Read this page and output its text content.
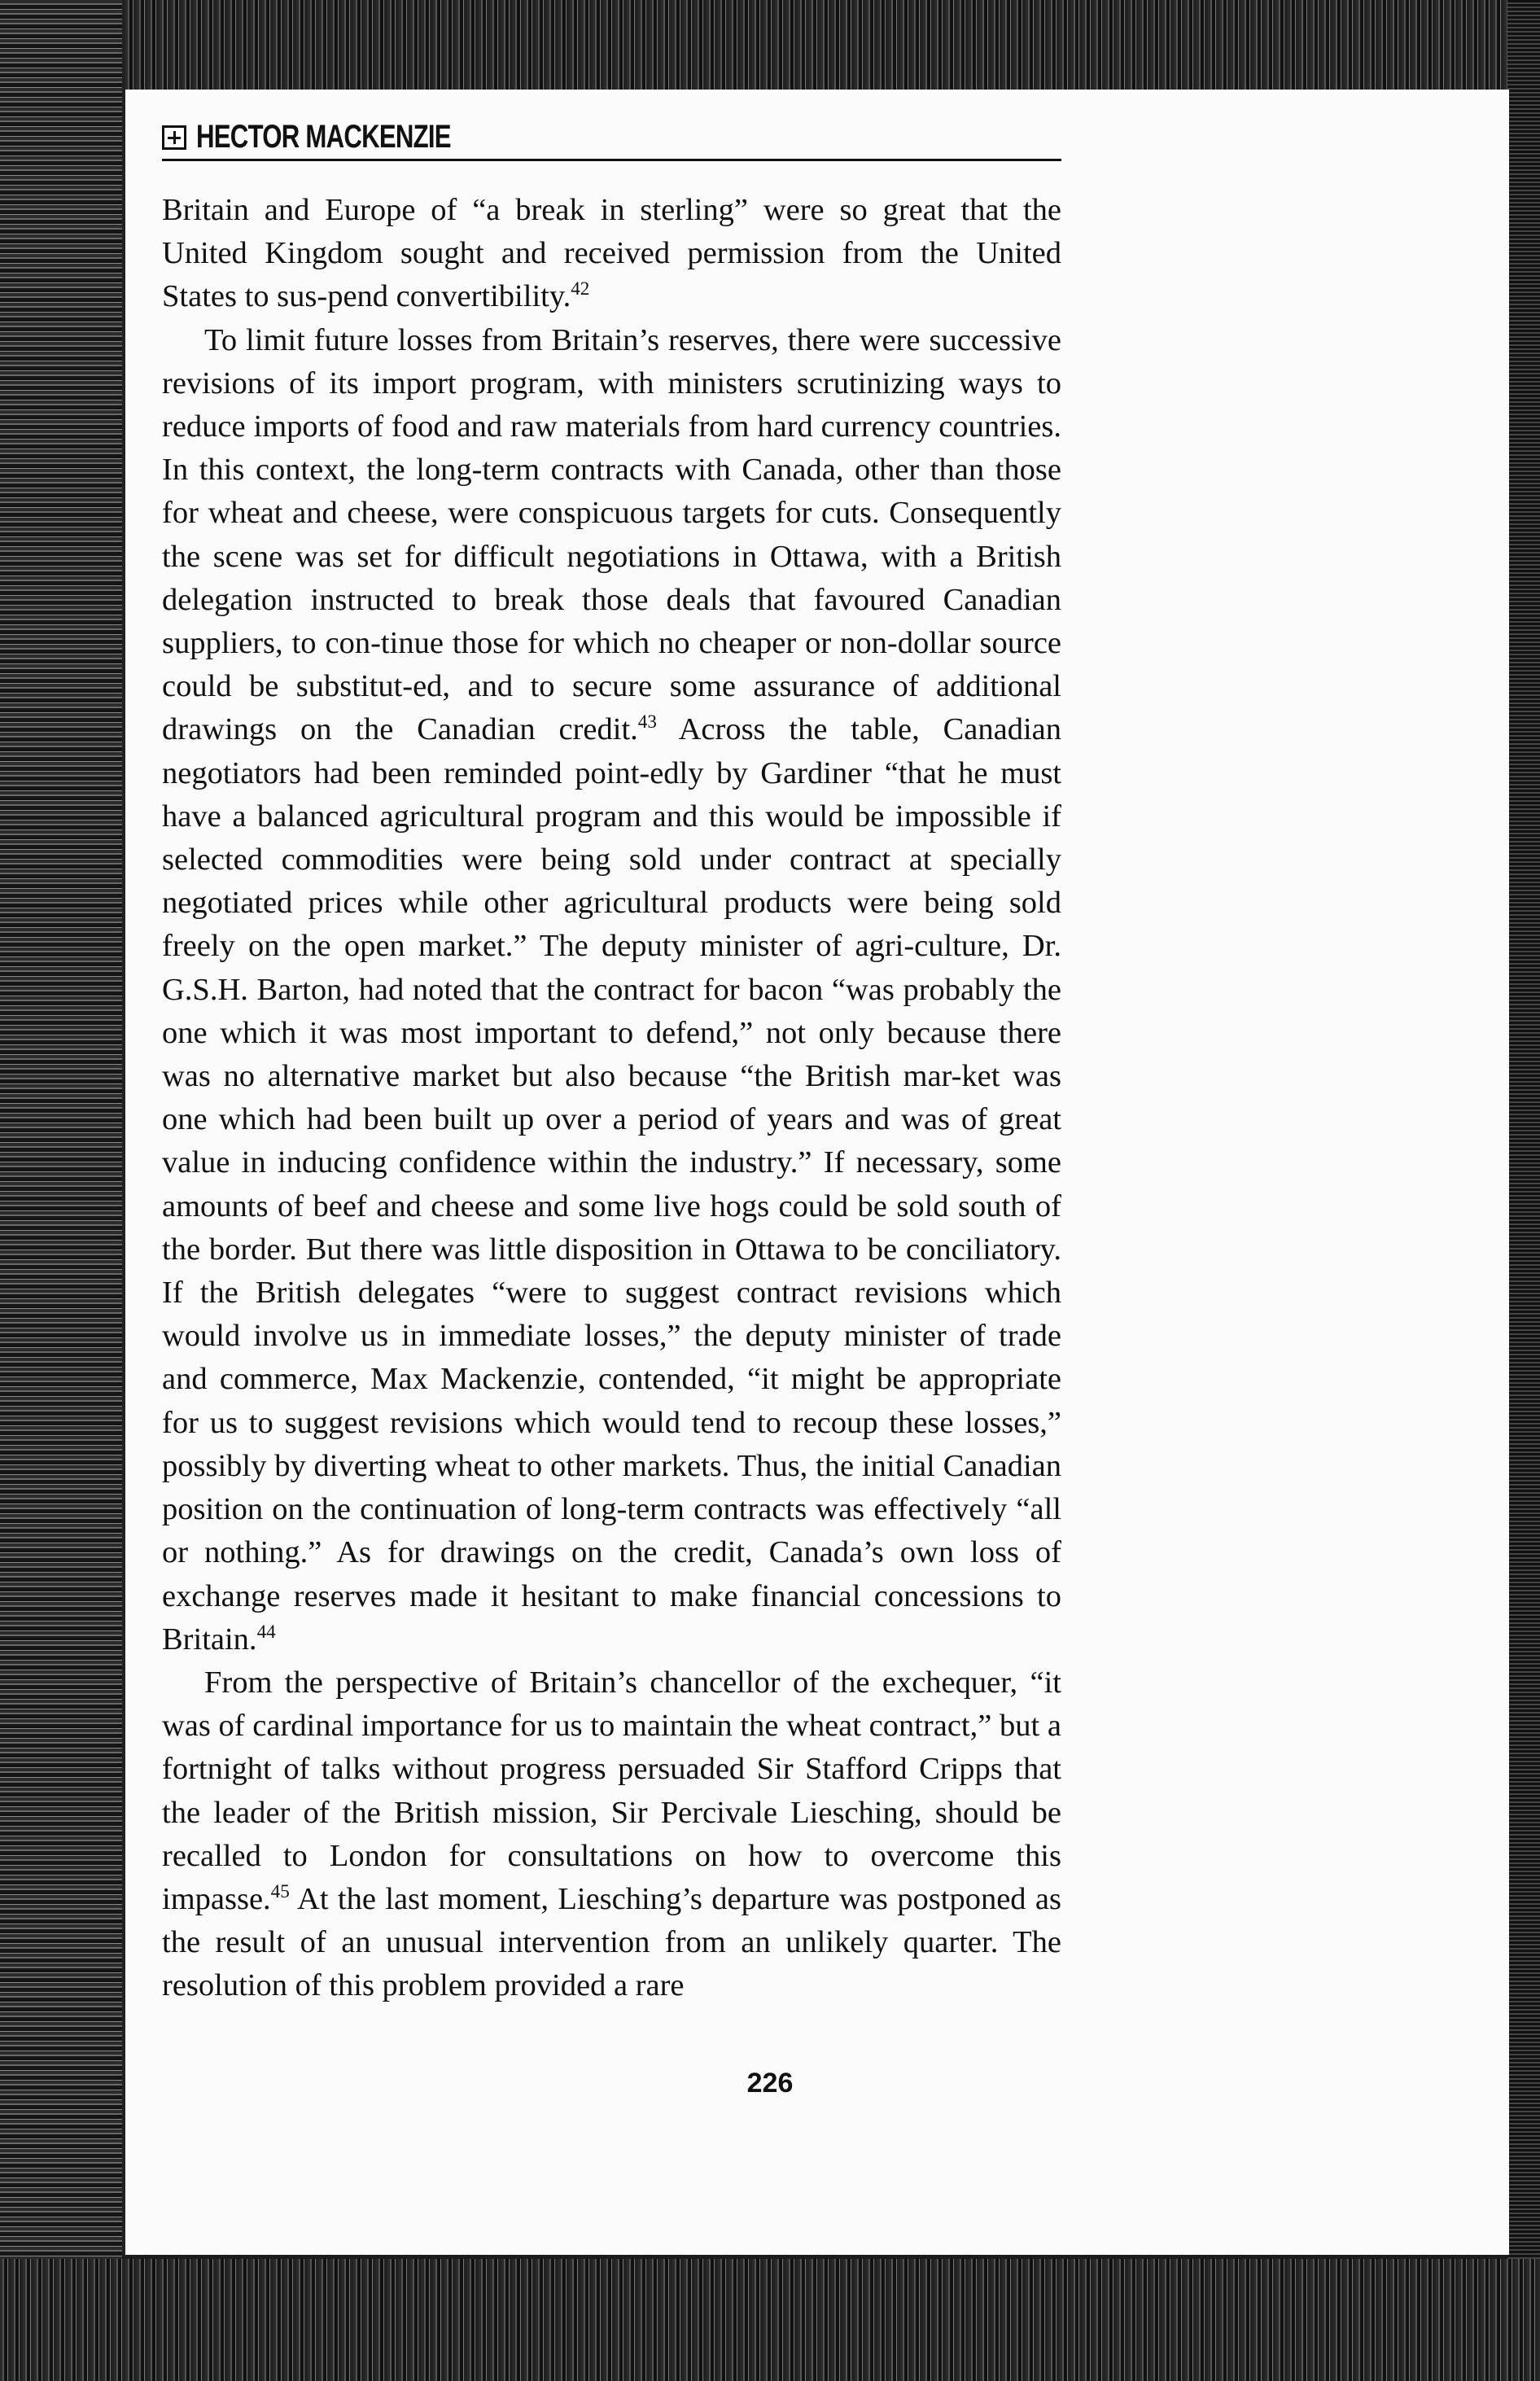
HECTOR MACKENZIE

Britain and Europe of “a break in sterling” were so great that the United Kingdom sought and received permission from the United States to sus-pend convertibility.$^{42}$

To limit future losses from Britain’s reserves, there were successive revisions of its import program, with ministers scrutinizing ways to reduce imports of food and raw materials from hard currency countries. In this context, the long-term contracts with Canada, other than those for wheat and cheese, were conspicuous targets for cuts. Consequently the scene was set for difficult negotiations in Ottawa, with a British delegation instructed to break those deals that favoured Canadian suppliers, to con-tinue those for which no cheaper or non-dollar source could be substitut-ed, and to secure some assurance of additional drawings on the Canadian credit.$^{43}$ Across the table, Canadian negotiators had been reminded point-edly by Gardiner “that he must have a balanced agricultural program and this would be impossible if selected commodities were being sold under contract at specially negotiated prices while other agricultural products were being sold freely on the open market.” The deputy minister of agri-culture, Dr. G.S.H. Barton, had noted that the contract for bacon “was probably the one which it was most important to defend,” not only because there was no alternative market but also because “the British mar-ket was one which had been built up over a period of years and was of great value in inducing confidence within the industry.” If necessary, some amounts of beef and cheese and some live hogs could be sold south of the border. But there was little disposition in Ottawa to be conciliatory. If the British delegates “were to suggest contract revisions which would involve us in immediate losses,” the deputy minister of trade and commerce, Max Mackenzie, contended, “it might be appropriate for us to suggest revisions which would tend to recoup these losses,” possibly by diverting wheat to other markets. Thus, the initial Canadian position on the continuation of long-term contracts was effectively “all or nothing.” As for drawings on the credit, Canada’s own loss of exchange reserves made it hesitant to make financial concessions to Britain.$^{44}$

From the perspective of Britain’s chancellor of the exchequer, “it was of cardinal importance for us to maintain the wheat contract,” but a fortnight of talks without progress persuaded Sir Stafford Cripps that the leader of the British mission, Sir Percivale Liesching, should be recalled to London for consultations on how to overcome this impasse.$^{45}$ At the last moment, Liesching’s departure was postponed as the result of an unusual intervention from an unlikely quarter. The resolution of this problem provided a rare

226
